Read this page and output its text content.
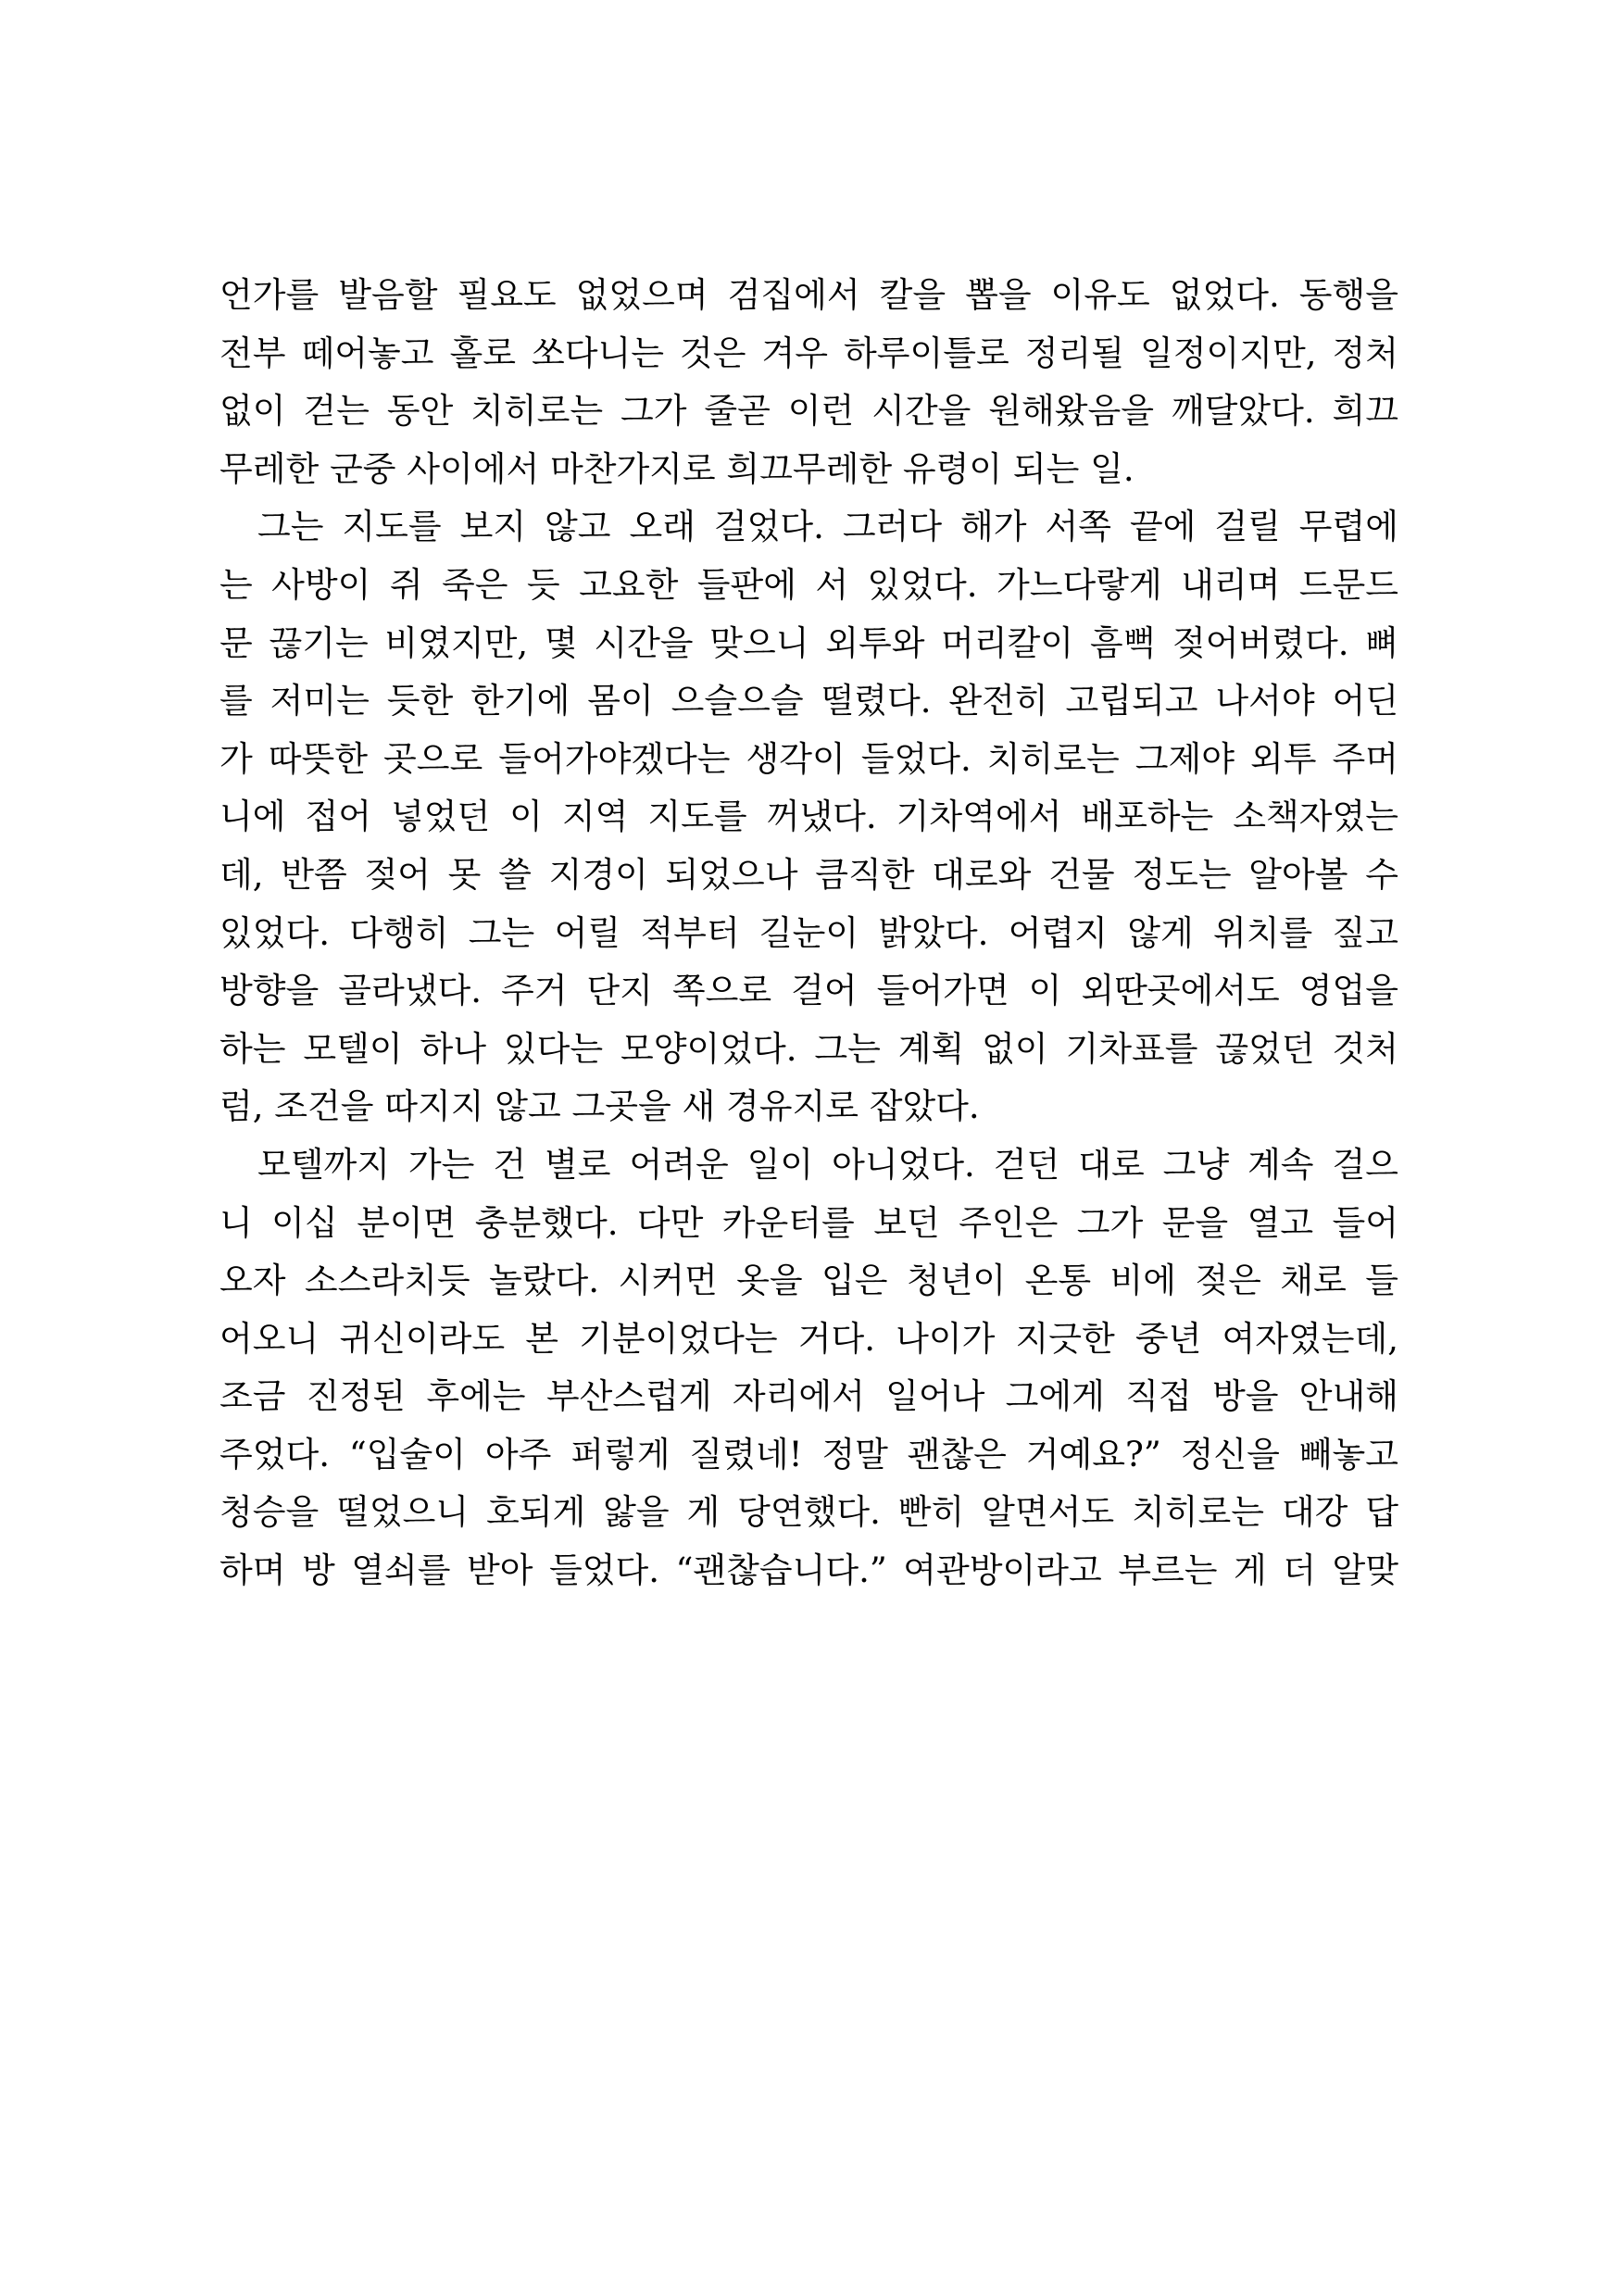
언가를 발음할 필요도 없었으며 검집에서 칼을 뽑을 이유도 없었다. 동행을
전부 떼어놓고 홀로 쏘다니는 것은 겨우 하루이틀로 정리될 일정이지만, 정처
없이 걷는 동안 치히로는 그가 줄곧 이런 시간을 원해왔음을 깨달았다. 희끄
무레한 군중 사이에서 마찬가지로 희끄무레한 유령이 되는 일.
그는 지도를 보지 않고 오래 걸었다. 그러다 해가 서쪽 끝에 걸릴 무렵에
는 사방이 쥐 죽은 듯 고요한 들판에 서 있었다. 가느다랗게 내리며 드문드
문 끊기는 비였지만, 몇 시간을 맞으니 외투와 머리칼이 흠뻑 젖어버렸다. 뼈
를 저미는 듯한 한기에 몸이 으슬으슬 떨렸다. 완전히 고립되고 나서야 어딘
가 따뜻한 곳으로 들어가야겠다는 생각이 들었다. 치히로는 그제야 외투 주머
니에 접어 넣었던 이 지역 지도를 꺼냈다. 기차역에서 배포하는 소책자였는
데, 반쯤 젖어 못 쓸 지경이 되었으나 큼직한 대로와 건물 정도는 알아볼 수
있었다. 다행히 그는 어릴 적부터 길눈이 밝았다. 어렵지 않게 위치를 짚고
방향을 골라냈다. 주거 단지 쪽으로 걸어 들어가면 이 외딴곳에서도 영업을
하는 모텔이 하나 있다는 모양이었다. 그는 계획 없이 기차표를 끊었던 것처
럼, 조건을 따지지 않고 그곳을 새 경유지로 잡았다.
모텔까지 가는 건 별로 어려운 일이 아니었다. 걷던 대로 그냥 계속 걸으
니 이십 분이면 충분했다. 다만 카운터를 보던 주인은 그가 문을 열고 들어
오자 소스라치듯 놀랐다. 시커먼 옷을 입은 청년이 온통 비에 젖은 채로 들
어오니 귀신이라도 본 기분이었다는 거다. 나이가 지긋한 중년 여자였는데,
조금 진정된 후에는 부산스럽게 자리에서 일어나 그에게 직접 방을 안내해
주었다. “입술이 아주 퍼렇게 질렸네! 정말 괜찮은 거예요?” 정신을 빼놓고
청승을 떨었으니 호되게 앓을 게 당연했다. 빤히 알면서도 치히로는 대강 답
하며 방 열쇠를 받아 들었다. “괜찮습니다.” 여관방이라고 부르는 게 더 알맞
